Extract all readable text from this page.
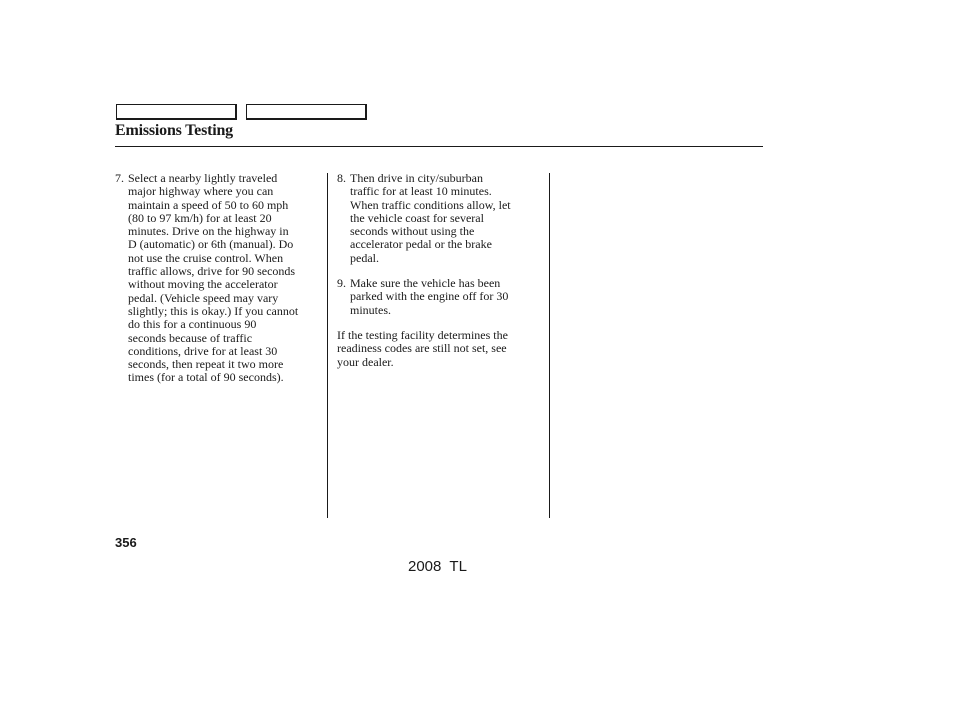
Emissions Testing
7. Select a nearby lightly traveled
major highway where you can
maintain a speed of 50 to 60 mph
(80 to 97 km/h) for at least 20
minutes. Drive on the highway in
D (automatic) or 6th (manual). Do
not use the cruise control. When
traffic allows, drive for 90 seconds
without moving the accelerator
pedal. (Vehicle speed may vary
slightly; this is okay.) If you cannot
do this for a continuous 90
seconds because of traffic
conditions, drive for at least 30
seconds, then repeat it two more
times (for a total of 90 seconds).
8. Then drive in city/suburban
traffic for at least 10 minutes.
When traffic conditions allow, let
the vehicle coast for several
seconds without using the
accelerator pedal or the brake
pedal.
9. Make sure the vehicle has been
parked with the engine off for 30
minutes.

If the testing facility determines the
readiness codes are still not set, see
your dealer.

356
2008  TL
